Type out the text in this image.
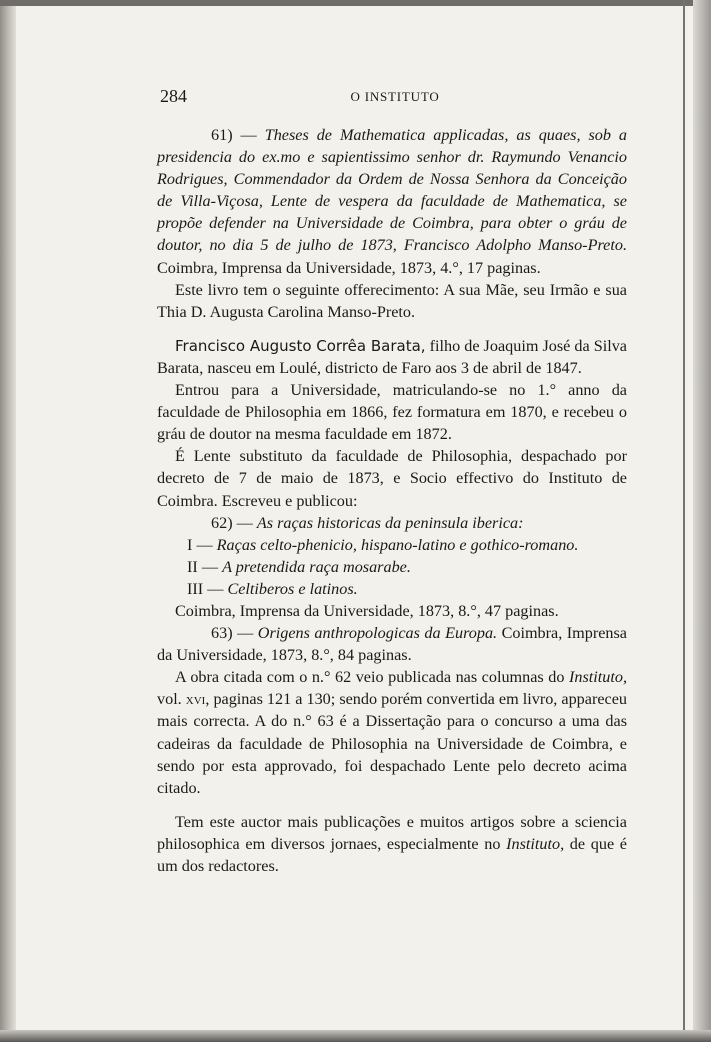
284	O INSTITUTO

61) — Theses de Mathematica applicadas, as quaes, sob a presidencia do ex.mo e sapientissimo senhor dr. Raymundo Venancio Rodrigues, Commendador da Ordem de Nossa Senhora da Conceição de Villa-Viçosa, Lente de vespera da faculdade de Mathematica, se propõe defender na Universidade de Coimbra, para obter o gráu de doutor, no dia 5 de julho de 1873, Francisco Adolpho Manso-Preto. Coimbra, Imprensa da Universidade, 1873, 4.°, 17 paginas.

Este livro tem o seguinte offerecimento: A sua Mãe, seu Irmão e sua Thia D. Augusta Carolina Manso-Preto.

Francisco Augusto Corrêa Barata, filho de Joaquim José da Silva Barata, nasceu em Loulé, districto de Faro aos 3 de abril de 1847.

Entrou para a Universidade, matriculando-se no 1.° anno da faculdade de Philosophia em 1866, fez formatura em 1870, e recebeu o gráu de doutor na mesma faculdade em 1872.

É Lente substituto da faculdade de Philosophia, despachado por decreto de 7 de maio de 1873, e Socio effectivo do Instituto de Coimbra. Escreveu e publicou:

62) — As raças historicas da peninsula iberica:

I — Raças celto-phenicio, hispano-latino e gothico-romano.

II — A pretendida raça mosarabe.

III — Celtiberos e latinos.

Coimbra, Imprensa da Universidade, 1873, 8.°, 47 paginas.

63) — Origens anthropologicas da Europa. Coimbra, Imprensa da Universidade, 1873, 8.°, 84 paginas.

A obra citada com o n.° 62 veio publicada nas columnas do Instituto, vol. xvi, paginas 121 a 130; sendo porém convertida em livro, appareceu mais correcta. A do n.° 63 é a Dissertação para o concurso a uma das cadeiras da faculdade de Philosophia na Universidade de Coimbra, e sendo por esta approvado, foi despachado Lente pelo decreto acima citado.

Tem este auctor mais publicações e muitos artigos sobre a sciencia philosophica em diversos jornaes, especialmente no Instituto, de que é um dos redactores.
